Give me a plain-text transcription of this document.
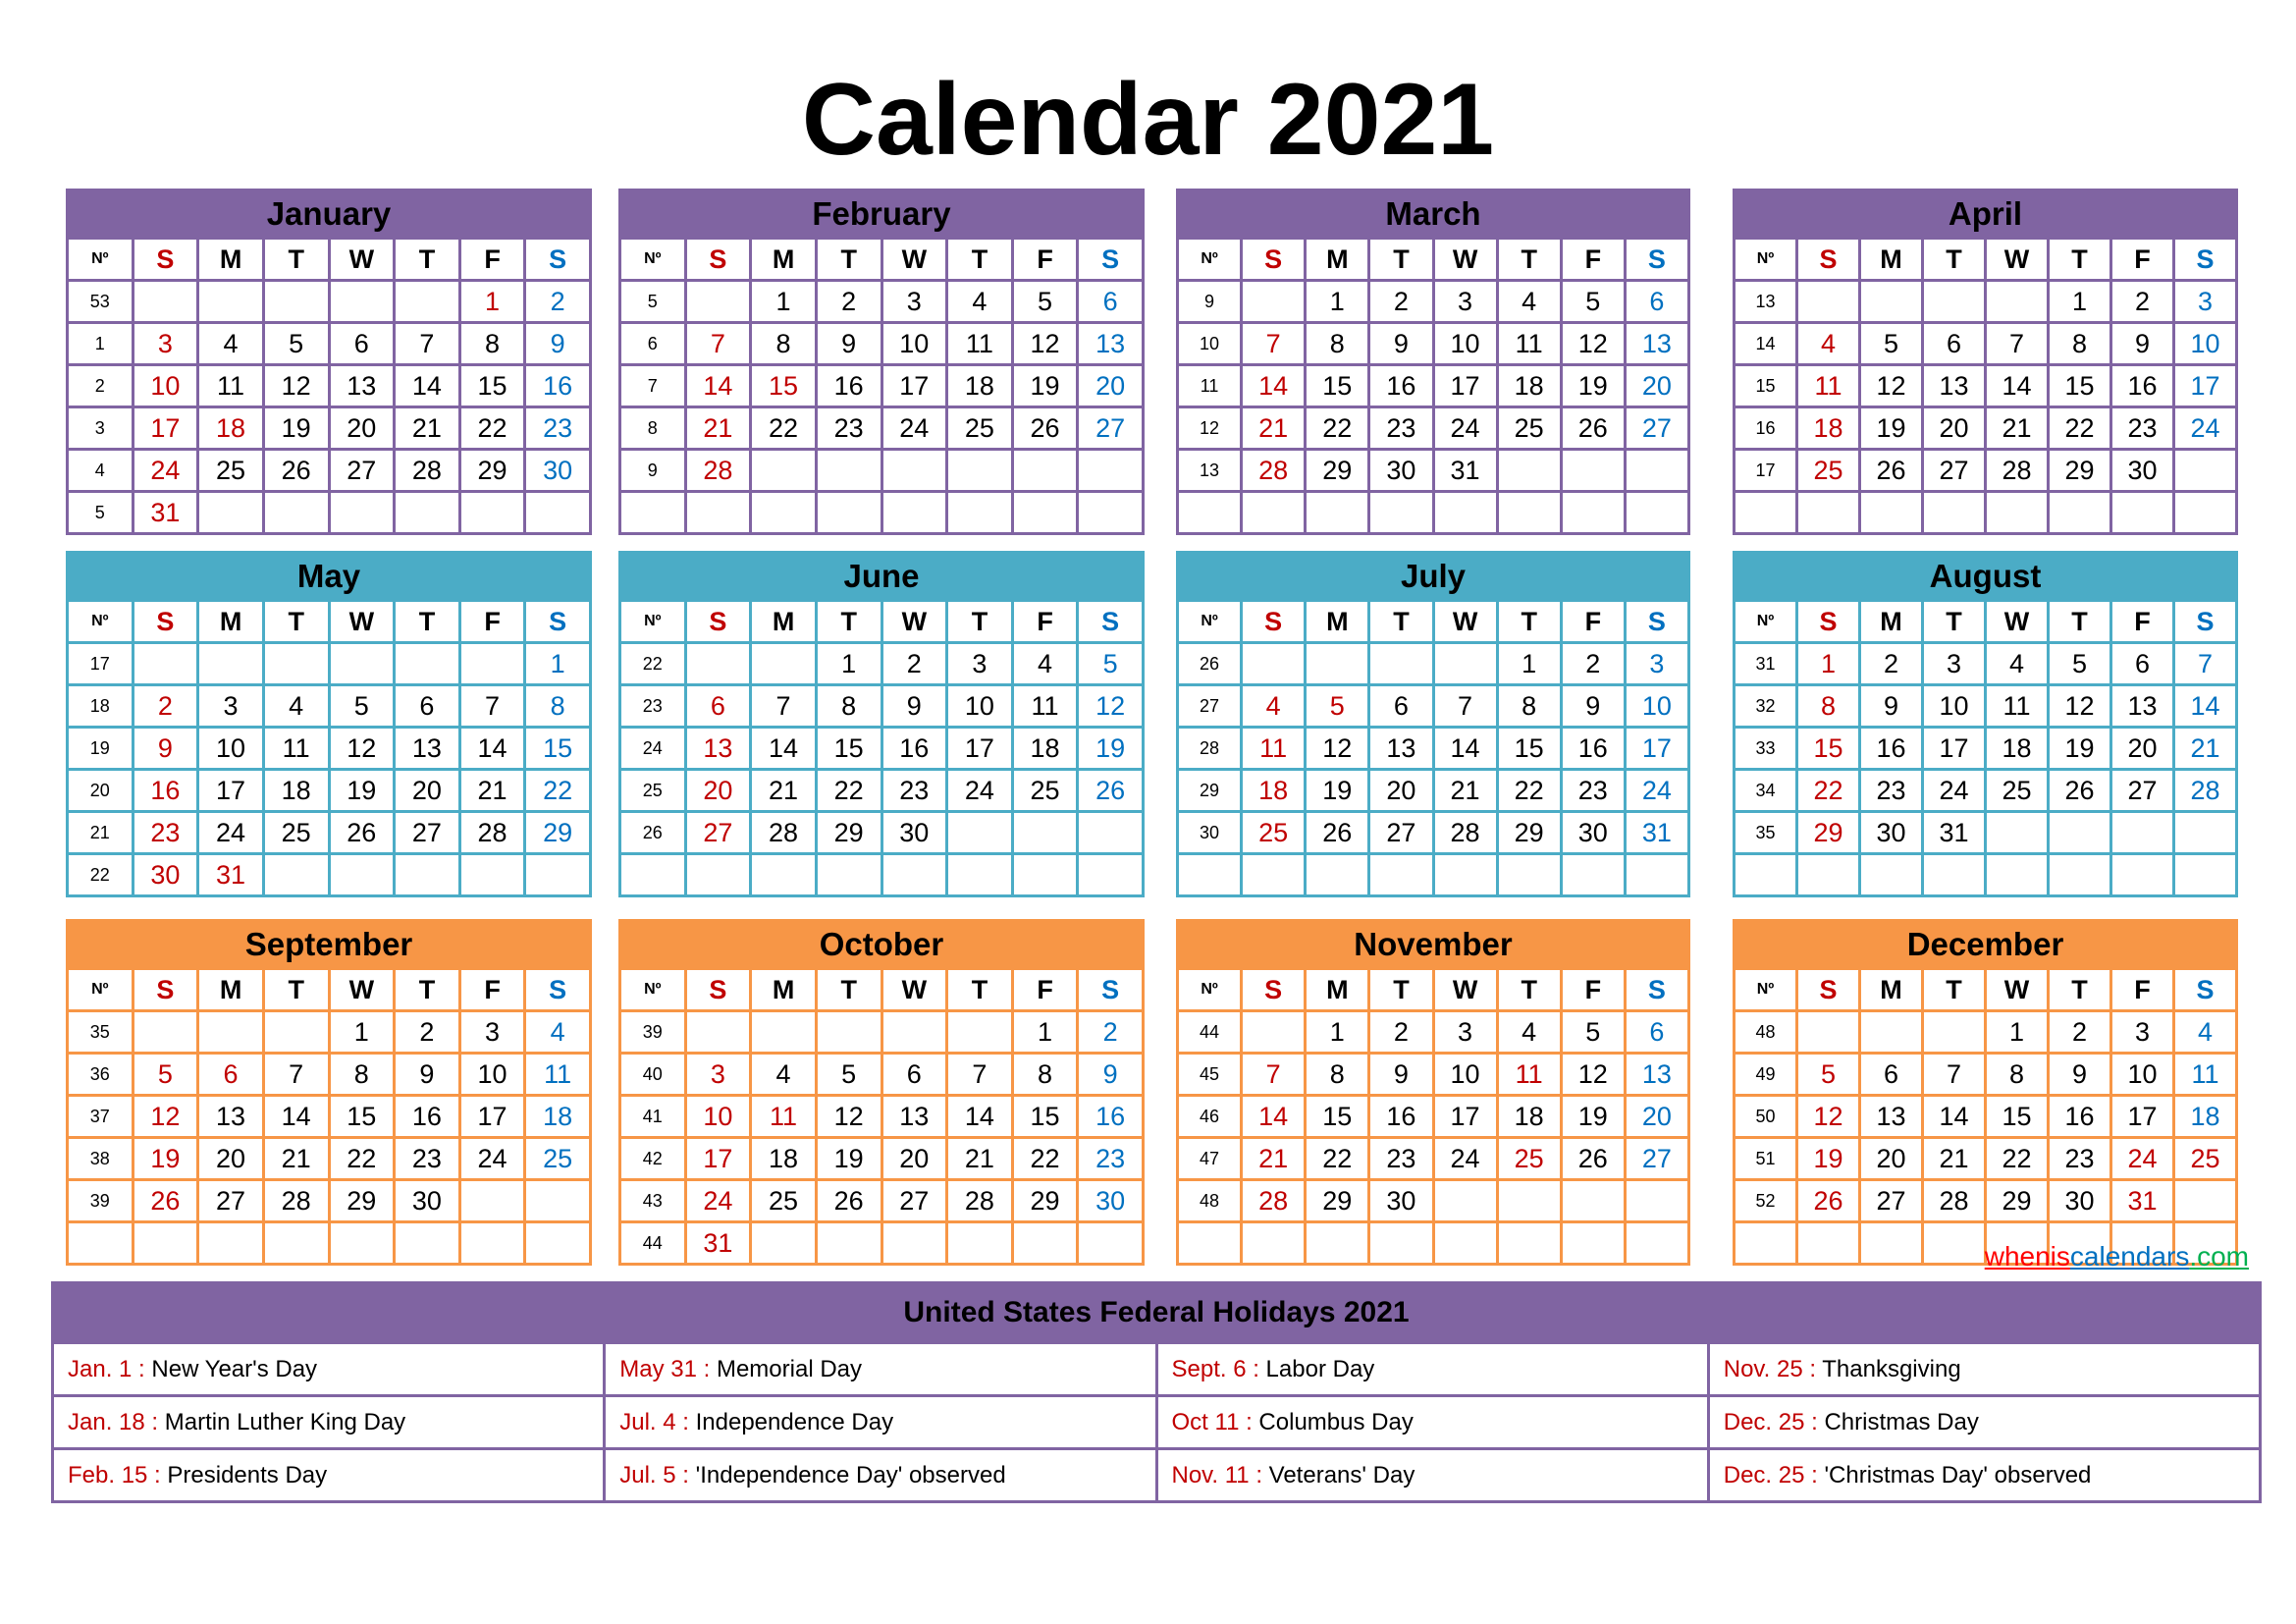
Calendar 2021
January							
Nº	S	M	T	W	T	F	S
53						1	2
1	3	4	5	6	7	8	9
2	10	11	12	13	14	15	16
3	17	18	19	20	21	22	23
4	24	25	26	27	28	29	30
5	31						
February							
Nº	S	M	T	W	T	F	S
5		1	2	3	4	5	6
6	7	8	9	10	11	12	13
7	14	15	16	17	18	19	20
8	21	22	23	24	25	26	27
9	28						

March							
Nº	S	M	T	W	T	F	S
9		1	2	3	4	5	6
10	7	8	9	10	11	12	13
11	14	15	16	17	18	19	20
12	21	22	23	24	25	26	27
13	28	29	30	31			

April							
Nº	S	M	T	W	T	F	S
13					1	2	3
14	4	5	6	7	8	9	10
15	11	12	13	14	15	16	17
16	18	19	20	21	22	23	24
17	25	26	27	28	29	30	

May							
Nº	S	M	T	W	T	F	S
17							1
18	2	3	4	5	6	7	8
19	9	10	11	12	13	14	15
20	16	17	18	19	20	21	22
21	23	24	25	26	27	28	29
22	30	31					
June							
Nº	S	M	T	W	T	F	S
22			1	2	3	4	5
23	6	7	8	9	10	11	12
24	13	14	15	16	17	18	19
25	20	21	22	23	24	25	26
26	27	28	29	30			

July							
Nº	S	M	T	W	T	F	S
26					1	2	3
27	4	5	6	7	8	9	10
28	11	12	13	14	15	16	17
29	18	19	20	21	22	23	24
30	25	26	27	28	29	30	31

August							
Nº	S	M	T	W	T	F	S
31	1	2	3	4	5	6	7
32	8	9	10	11	12	13	14
33	15	16	17	18	19	20	21
34	22	23	24	25	26	27	28
35	29	30	31				

September							
Nº	S	M	T	W	T	F	S
35				1	2	3	4
36	5	6	7	8	9	10	11
37	12	13	14	15	16	17	18
38	19	20	21	22	23	24	25
39	26	27	28	29	30		

October							
Nº	S	M	T	W	T	F	S
39						1	2
40	3	4	5	6	7	8	9
41	10	11	12	13	14	15	16
42	17	18	19	20	21	22	23
43	24	25	26	27	28	29	30
44	31						
November							
Nº	S	M	T	W	T	F	S
44		1	2	3	4	5	6
45	7	8	9	10	11	12	13
46	14	15	16	17	18	19	20
47	21	22	23	24	25	26	27
48	28	29	30				

December							
Nº	S	M	T	W	T	F	S
48				1	2	3	4
49	5	6	7	8	9	10	11
50	12	13	14	15	16	17	18
51	19	20	21	22	23	24	25
52	26	27	28	29	30	31	

wheniscalendars.com
United States Federal Holidays 2021			
Jan. 1 : New Year's Day	May 31 : Memorial Day	Sept. 6 : Labor Day	Nov. 25 : Thanksgiving
Jan. 18 : Martin Luther King Day	Jul. 4 : Independence Day	Oct 11 : Columbus Day	Dec. 25 : Christmas Day
Feb. 15 : Presidents Day	Jul. 5 : 'Independence Day' observed	Nov. 11 : Veterans' Day	Dec. 25 : 'Christmas Day' observed
